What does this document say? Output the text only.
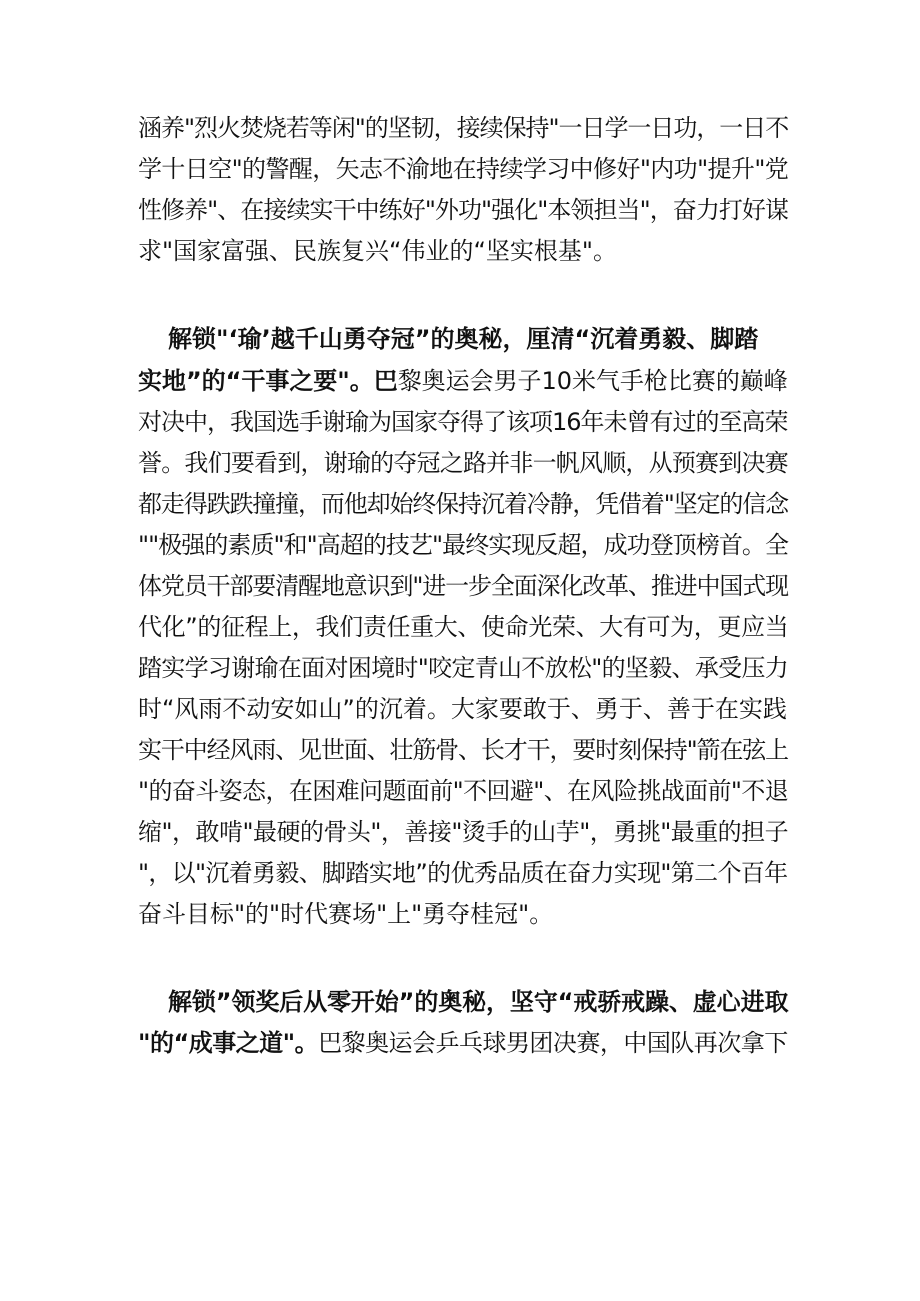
涵养"烈火焚烧若等闲"的坚韧，接续保持"一日学一日功，一日不
学十日空"的警醒，矢志不渝地在持续学习中修好"内功"提升"党
性修养"、在接续实干中练好"外功"强化"本领担当"，奋力打好谋
求"国家富强、民族复兴“伟业的“坚实根基"。
解锁"‘瑜’越千山勇夺冠”的奥秘，厘清“沉着勇毅、脚踏
实地”的“干事之要"。巴黎奥运会男子10米气手枪比赛的巅峰
对决中，我国选手谢瑜为国家夺得了该项16年未曾有过的至高荣
誉。我们要看到，谢瑜的夺冠之路并非一帆风顺，从预赛到决赛
都走得跌跌撞撞，而他却始终保持沉着冷静，凭借着"坚定的信念
""极强的素质"和"高超的技艺"最终实现反超，成功登顶榜首。全
体党员干部要清醒地意识到"进一步全面深化改革、推进中国式现
代化”的征程上，我们责任重大、使命光荣、大有可为，更应当
踏实学习谢瑜在面对困境时"咬定青山不放松"的坚毅、承受压力
时“风雨不动安如山”的沉着。大家要敢于、勇于、善于在实践
实干中经风雨、见世面、壮筋骨、长才干，要时刻保持"箭在弦上
"的奋斗姿态，在困难问题面前"不回避"、在风险挑战面前"不退
缩"，敢啃"最硬的骨头"，善接"烫手的山芋"，勇挑"最重的担子
"，以"沉着勇毅、脚踏实地”的优秀品质在奋力实现"第二个百年
奋斗目标"的"时代赛场"上"勇夺桂冠"。
解锁”领奖后从零开始”的奥秘，坚守“戒骄戒躁、虚心进取
"的“成事之道"。巴黎奥运会乒乓球男团决赛，中国队再次拿下
